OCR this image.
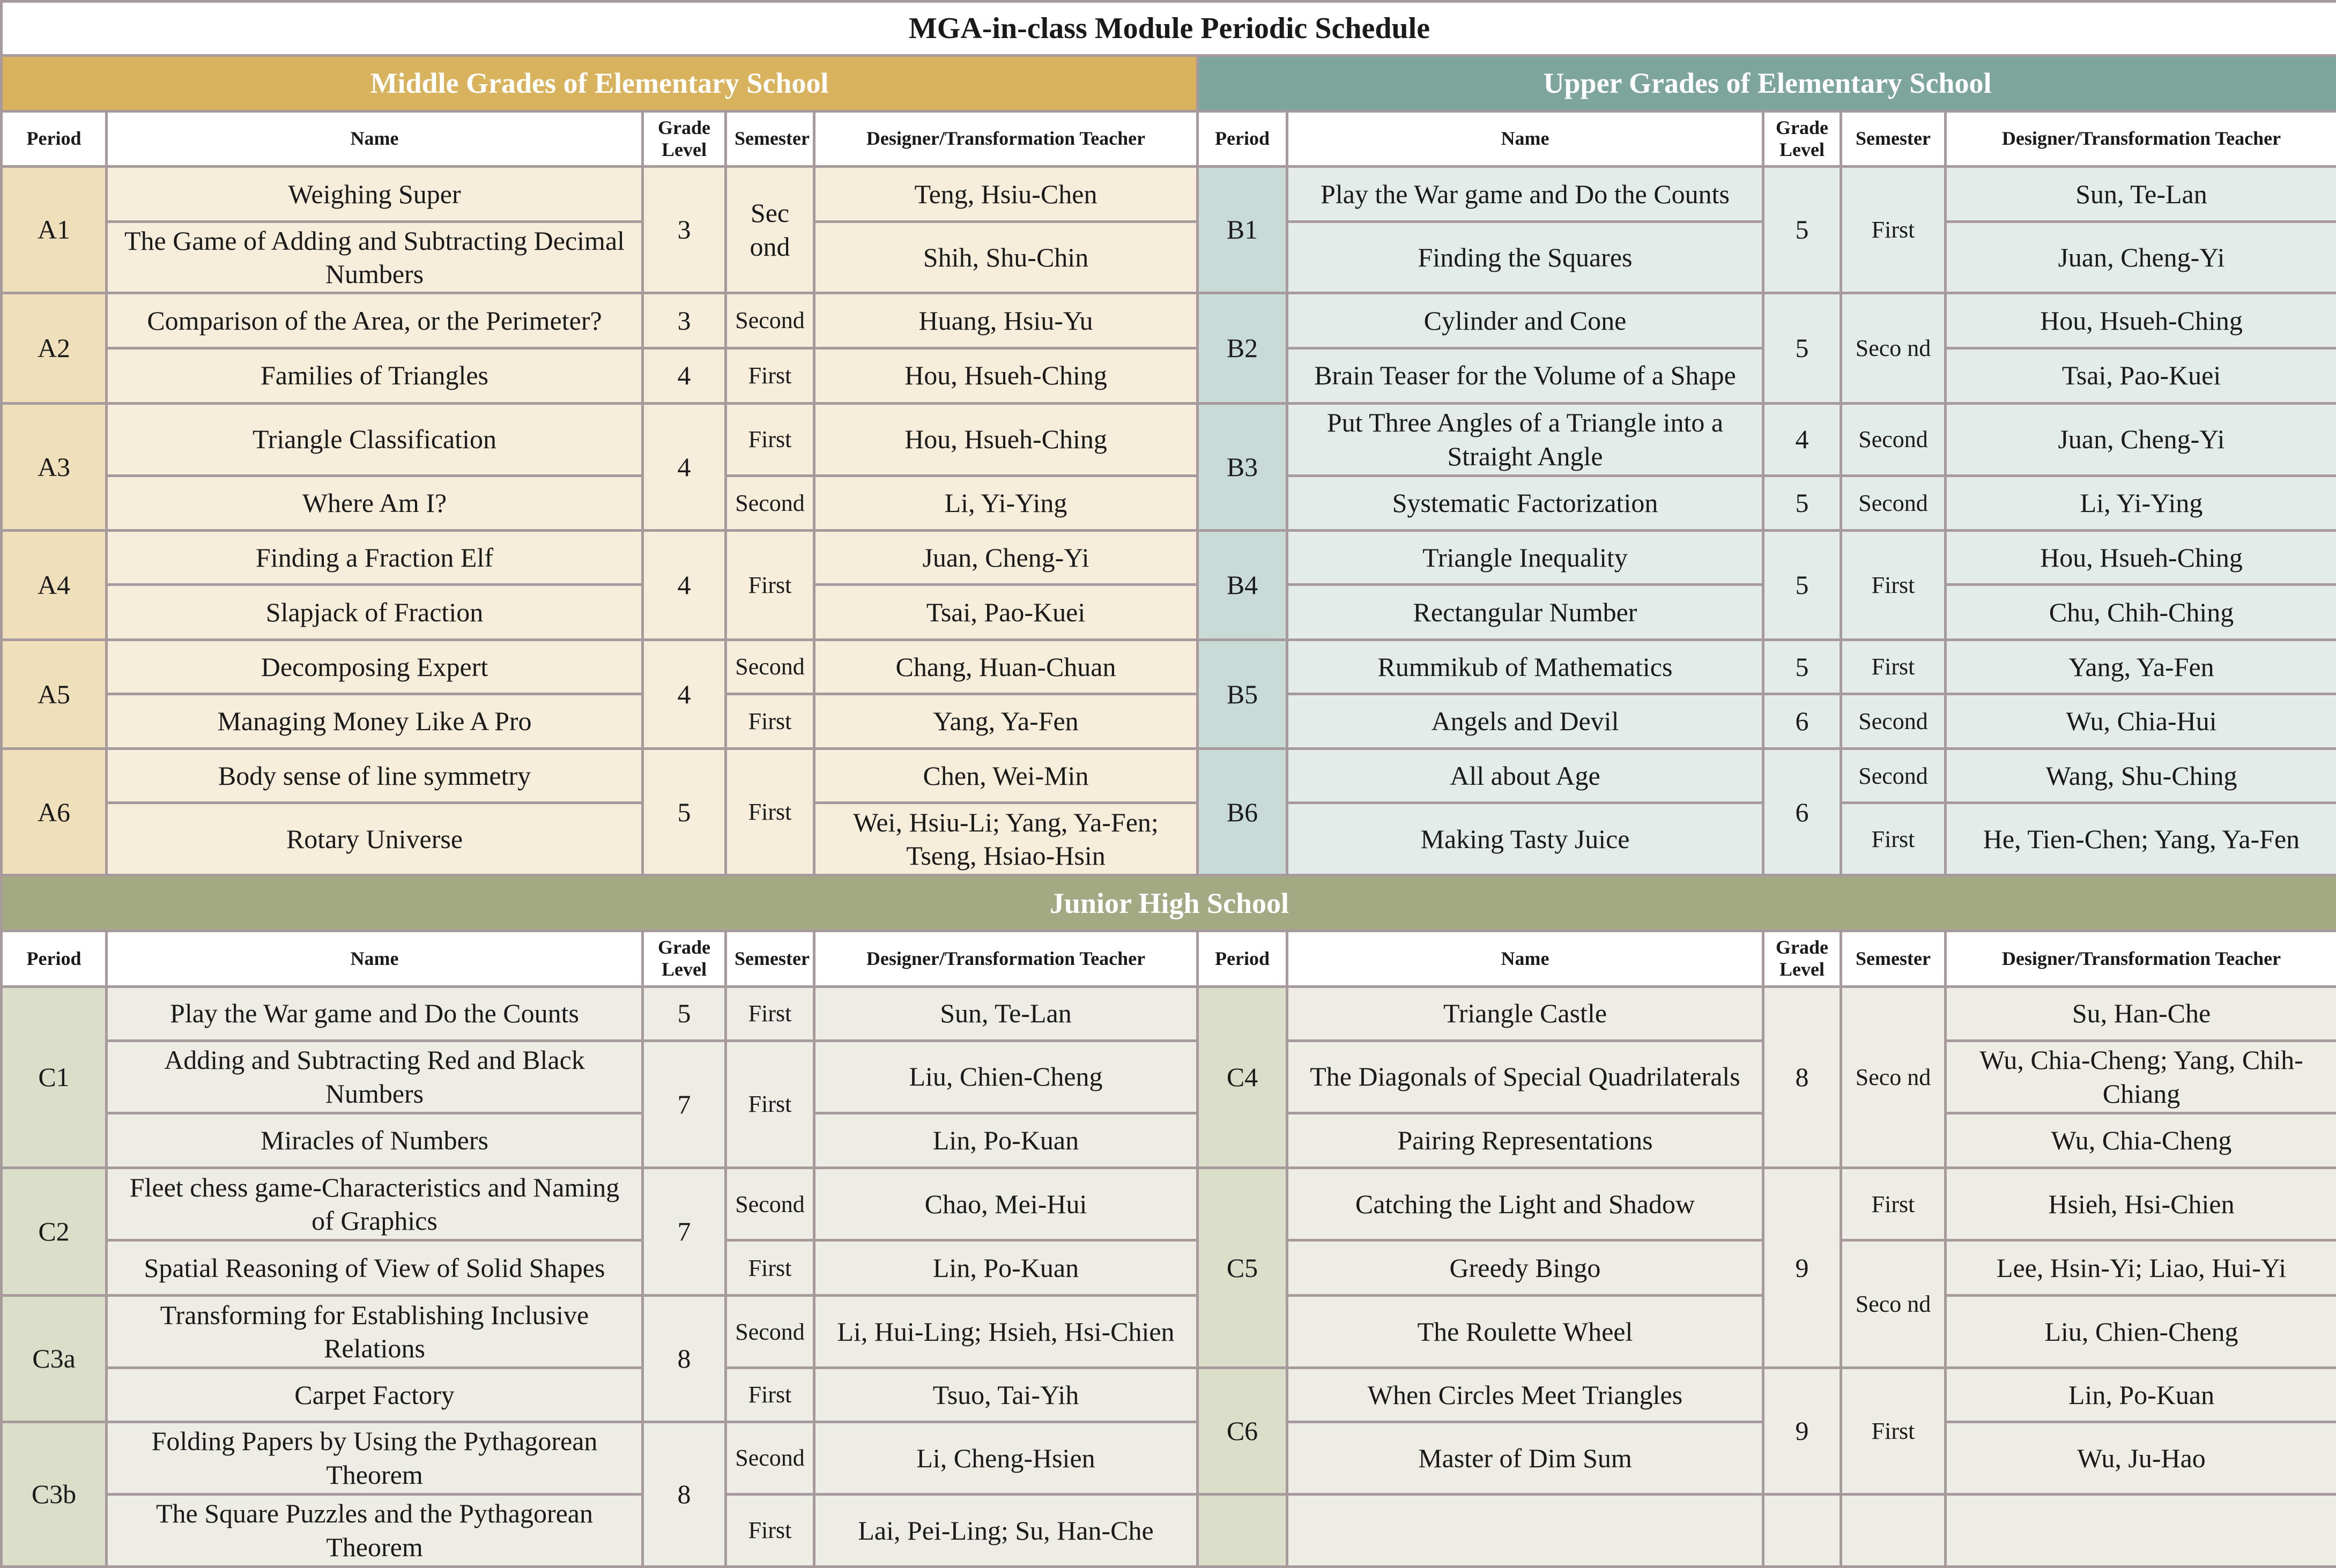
MGA-in-class Module Periodic Schedule									
Middle Grades of Elementary School					Upper Grades of Elementary School				
Period	Name	Grade Level	Semester	Designer/Transformation Teacher	Period	Name	Grade Level	Semester	Designer/Transformation Teacher
A1	Weighing Super	3	Sec ond	Teng, Hsiu-Chen	B1	Play the War game and Do the Counts	5	First	Sun, Te-Lan
	The Game of Adding and Subtracting Decimal Numbers			Shih, Shu-Chin		Finding the Squares			Juan, Cheng-Yi
A2	Comparison of the Area, or the Perimeter?	3	Second	Huang, Hsiu-Yu	B2	Cylinder and Cone	5	Seco nd	Hou, Hsueh-Ching
	Families of Triangles	4	First	Hou, Hsueh-Ching		Brain Teaser for the Volume of a Shape			Tsai, Pao-Kuei
A3	Triangle Classification	4	First	Hou, Hsueh-Ching	B3	Put Three Angles of a Triangle into a Straight Angle	4	Second	Juan, Cheng-Yi
	Where Am I?		Second	Li, Yi-Ying		Systematic Factorization	5	Second	Li, Yi-Ying
A4	Finding a Fraction Elf	4	First	Juan, Cheng-Yi	B4	Triangle Inequality	5	First	Hou, Hsueh-Ching
	Slapjack of Fraction			Tsai, Pao-Kuei		Rectangular Number			Chu, Chih-Ching
A5	Decomposing Expert	4	Second	Chang, Huan-Chuan	B5	Rummikub of Mathematics	5	First	Yang, Ya-Fen
	Managing Money Like A Pro		First	Yang, Ya-Fen		Angels and Devil	6	Second	Wu, Chia-Hui
A6	Body sense of line symmetry	5	First	Chen, Wei-Min	B6	All about Age	6	Second	Wang, Shu-Ching
	Rotary Universe			Wei, Hsiu-Li; Yang, Ya-Fen; Tseng, Hsiao-Hsin		Making Tasty Juice		First	He, Tien-Chen; Yang, Ya-Fen
Junior High School									
Period	Name	Grade Level	Semester	Designer/Transformation Teacher	Period	Name	Grade Level	Semester	Designer/Transformation Teacher
C1	Play the War game and Do the Counts	5	First	Sun, Te-Lan	C4	Triangle Castle	8	Seco nd	Su, Han-Che
	Adding and Subtracting Red and Black Numbers	7	First	Liu, Chien-Cheng		The Diagonals of Special Quadrilaterals			Wu, Chia-Cheng; Yang, Chih-Chiang
	Miracles of Numbers			Lin, Po-Kuan		Pairing Representations			Wu, Chia-Cheng
C2	Fleet chess game-Characteristics and Naming of Graphics	7	Second	Chao, Mei-Hui	C5	Catching the Light and Shadow	9	First	Hsieh, Hsi-Chien
	Spatial Reasoning of View of Solid Shapes		First	Lin, Po-Kuan		Greedy Bingo		Seco nd	Lee, Hsin-Yi; Liao, Hui-Yi
C3a	Transforming for Establishing Inclusive Relations	8	Second	Li, Hui-Ling; Hsieh, Hsi-Chien		The Roulette Wheel			Liu, Chien-Cheng
	Carpet Factory		First	Tsuo, Tai-Yih	C6	When Circles Meet Triangles	9	First	Lin, Po-Kuan
C3b	Folding Papers by Using the Pythagorean Theorem	8	Second	Li, Cheng-Hsien		Master of Dim Sum			Wu, Ju-Hao
	The Square Puzzles and the Pythagorean Theorem		First	Lai, Pei-Ling; Su, Han-Che					
